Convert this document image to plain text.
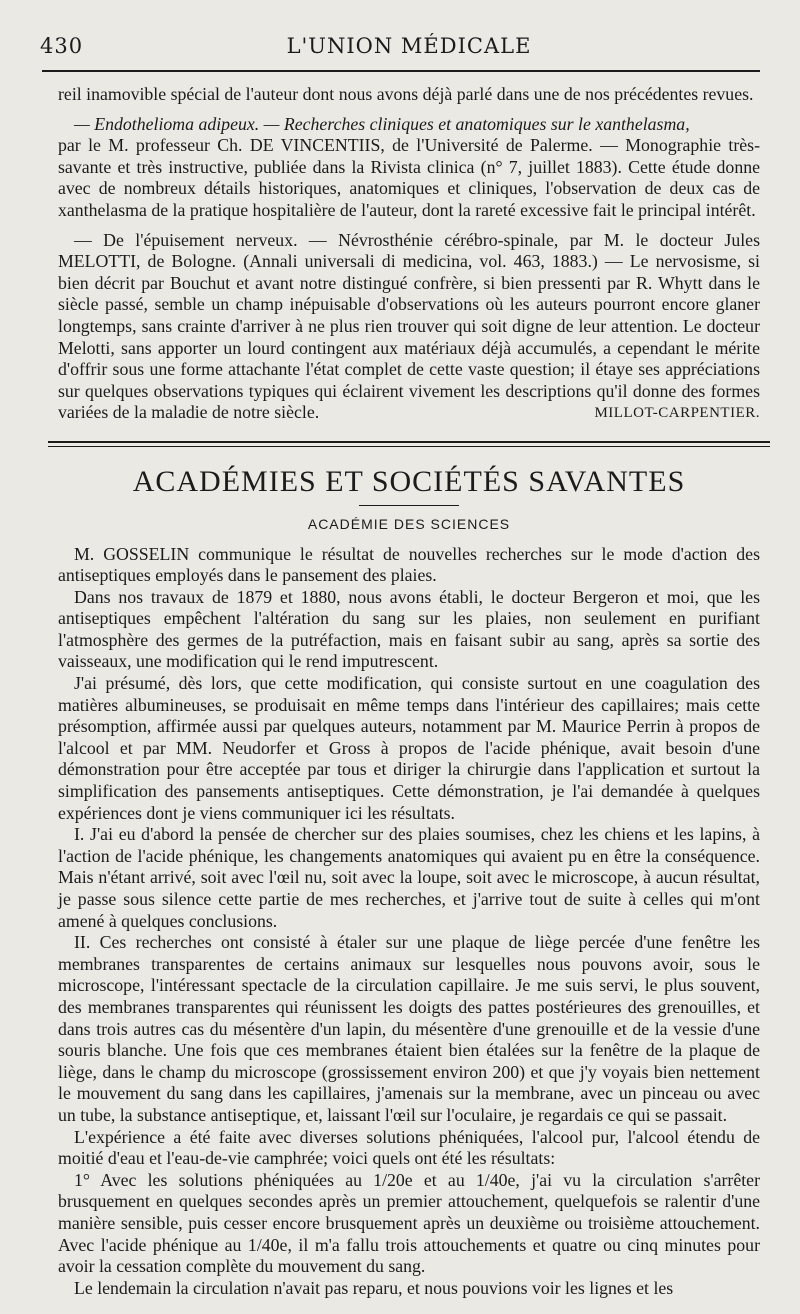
430	L'UNION MÉDICALE

reil inamovible spécial de l'auteur dont nous avons déjà parlé dans une de nos précédentes revues.

— Endothelioma adipeux. — Recherches cliniques et anatomiques sur le xanthelasma,

par le M. professeur Ch. DE VINCENTIIS, de l'Université de Palerme. — Monographie très-savante et très instructive, publiée dans la Rivista clinica (n° 7, juillet 1883). Cette étude donne avec de nombreux détails historiques, anatomiques et cliniques, l'observation de deux cas de xanthelasma de la pratique hospitalière de l'auteur, dont la rareté excessive fait le principal intérêt.

— De l'épuisement nerveux. — Névrosthénie cérébro-spinale, par M. le docteur Jules MELOTTI, de Bologne. (Annali universali di medicina, vol. 463, 1883.) — Le nervosisme, si bien décrit par Bouchut et avant notre distingué confrère, si bien pressenti par R. Whytt dans le siècle passé, semble un champ inépuisable d'observations où les auteurs pourront encore glaner longtemps, sans crainte d'arriver à ne plus rien trouver qui soit digne de leur attention. Le docteur Melotti, sans apporter un lourd contingent aux matériaux déjà accumulés, a cependant le mérite d'offrir sous une forme attachante l'état complet de cette vaste question; il étaye ses appréciations sur quelques observations typiques qui éclairent vivement les descriptions qu'il donne des formes variées de la maladie de notre siècle.	MILLOT-CARPENTIER.

ACADÉMIES ET SOCIÉTÉS SAVANTES
ACADÉMIE DES SCIENCES

M. GOSSELIN communique le résultat de nouvelles recherches sur le mode d'action des antiseptiques employés dans le pansement des plaies.

Dans nos travaux de 1879 et 1880, nous avons établi, le docteur Bergeron et moi, que les antiseptiques empêchent l'altération du sang sur les plaies, non seulement en purifiant l'atmosphère des germes de la putréfaction, mais en faisant subir au sang, après sa sortie des vaisseaux, une modification qui le rend imputrescent.

J'ai présumé, dès lors, que cette modification, qui consiste surtout en une coagulation des matières albumineuses, se produisait en même temps dans l'intérieur des capillaires; mais cette présomption, affirmée aussi par quelques auteurs, notamment par M. Maurice Perrin à propos de l'alcool et par MM. Neudorfer et Gross à propos de l'acide phénique, avait besoin d'une démonstration pour être acceptée par tous et diriger la chirurgie dans l'application et surtout la simplification des pansements antiseptiques. Cette démonstration, je l'ai demandée à quelques expériences dont je viens communiquer ici les résultats.

I. J'ai eu d'abord la pensée de chercher sur des plaies soumises, chez les chiens et les lapins, à l'action de l'acide phénique, les changements anatomiques qui avaient pu en être la conséquence. Mais n'étant arrivé, soit avec l'œil nu, soit avec la loupe, soit avec le microscope, à aucun résultat, je passe sous silence cette partie de mes recherches, et j'arrive tout de suite à celles qui m'ont amené à quelques conclusions.

II. Ces recherches ont consisté à étaler sur une plaque de liège percée d'une fenêtre les membranes transparentes de certains animaux sur lesquelles nous pouvons avoir, sous le microscope, l'intéressant spectacle de la circulation capillaire. Je me suis servi, le plus souvent, des membranes transparentes qui réunissent les doigts des pattes postérieures des grenouilles, et dans trois autres cas du mésentère d'un lapin, du mésentère d'une grenouille et de la vessie d'une souris blanche. Une fois que ces membranes étaient bien étalées sur la fenêtre de la plaque de liège, dans le champ du microscope (grossissement environ 200) et que j'y voyais bien nettement le mouvement du sang dans les capillaires, j'amenais sur la membrane, avec un pinceau ou avec un tube, la substance antiseptique, et, laissant l'œil sur l'oculaire, je regardais ce qui se passait.

L'expérience a été faite avec diverses solutions phéniquées, l'alcool pur, l'alcool étendu de moitié d'eau et l'eau-de-vie camphrée; voici quels ont été les résultats:

1° Avec les solutions phéniquées au 1/20e et au 1/40e, j'ai vu la circulation s'arrêter brusquement en quelques secondes après un premier attouchement, quelquefois se ralentir d'une manière sensible, puis cesser encore brusquement après un deuxième ou troisième attouchement. Avec l'acide phénique au 1/40e, il m'a fallu trois attouchements et quatre ou cinq minutes pour avoir la cessation complète du mouvement du sang.

Le lendemain la circulation n'avait pas reparu, et nous pouvions voir les lignes et les
